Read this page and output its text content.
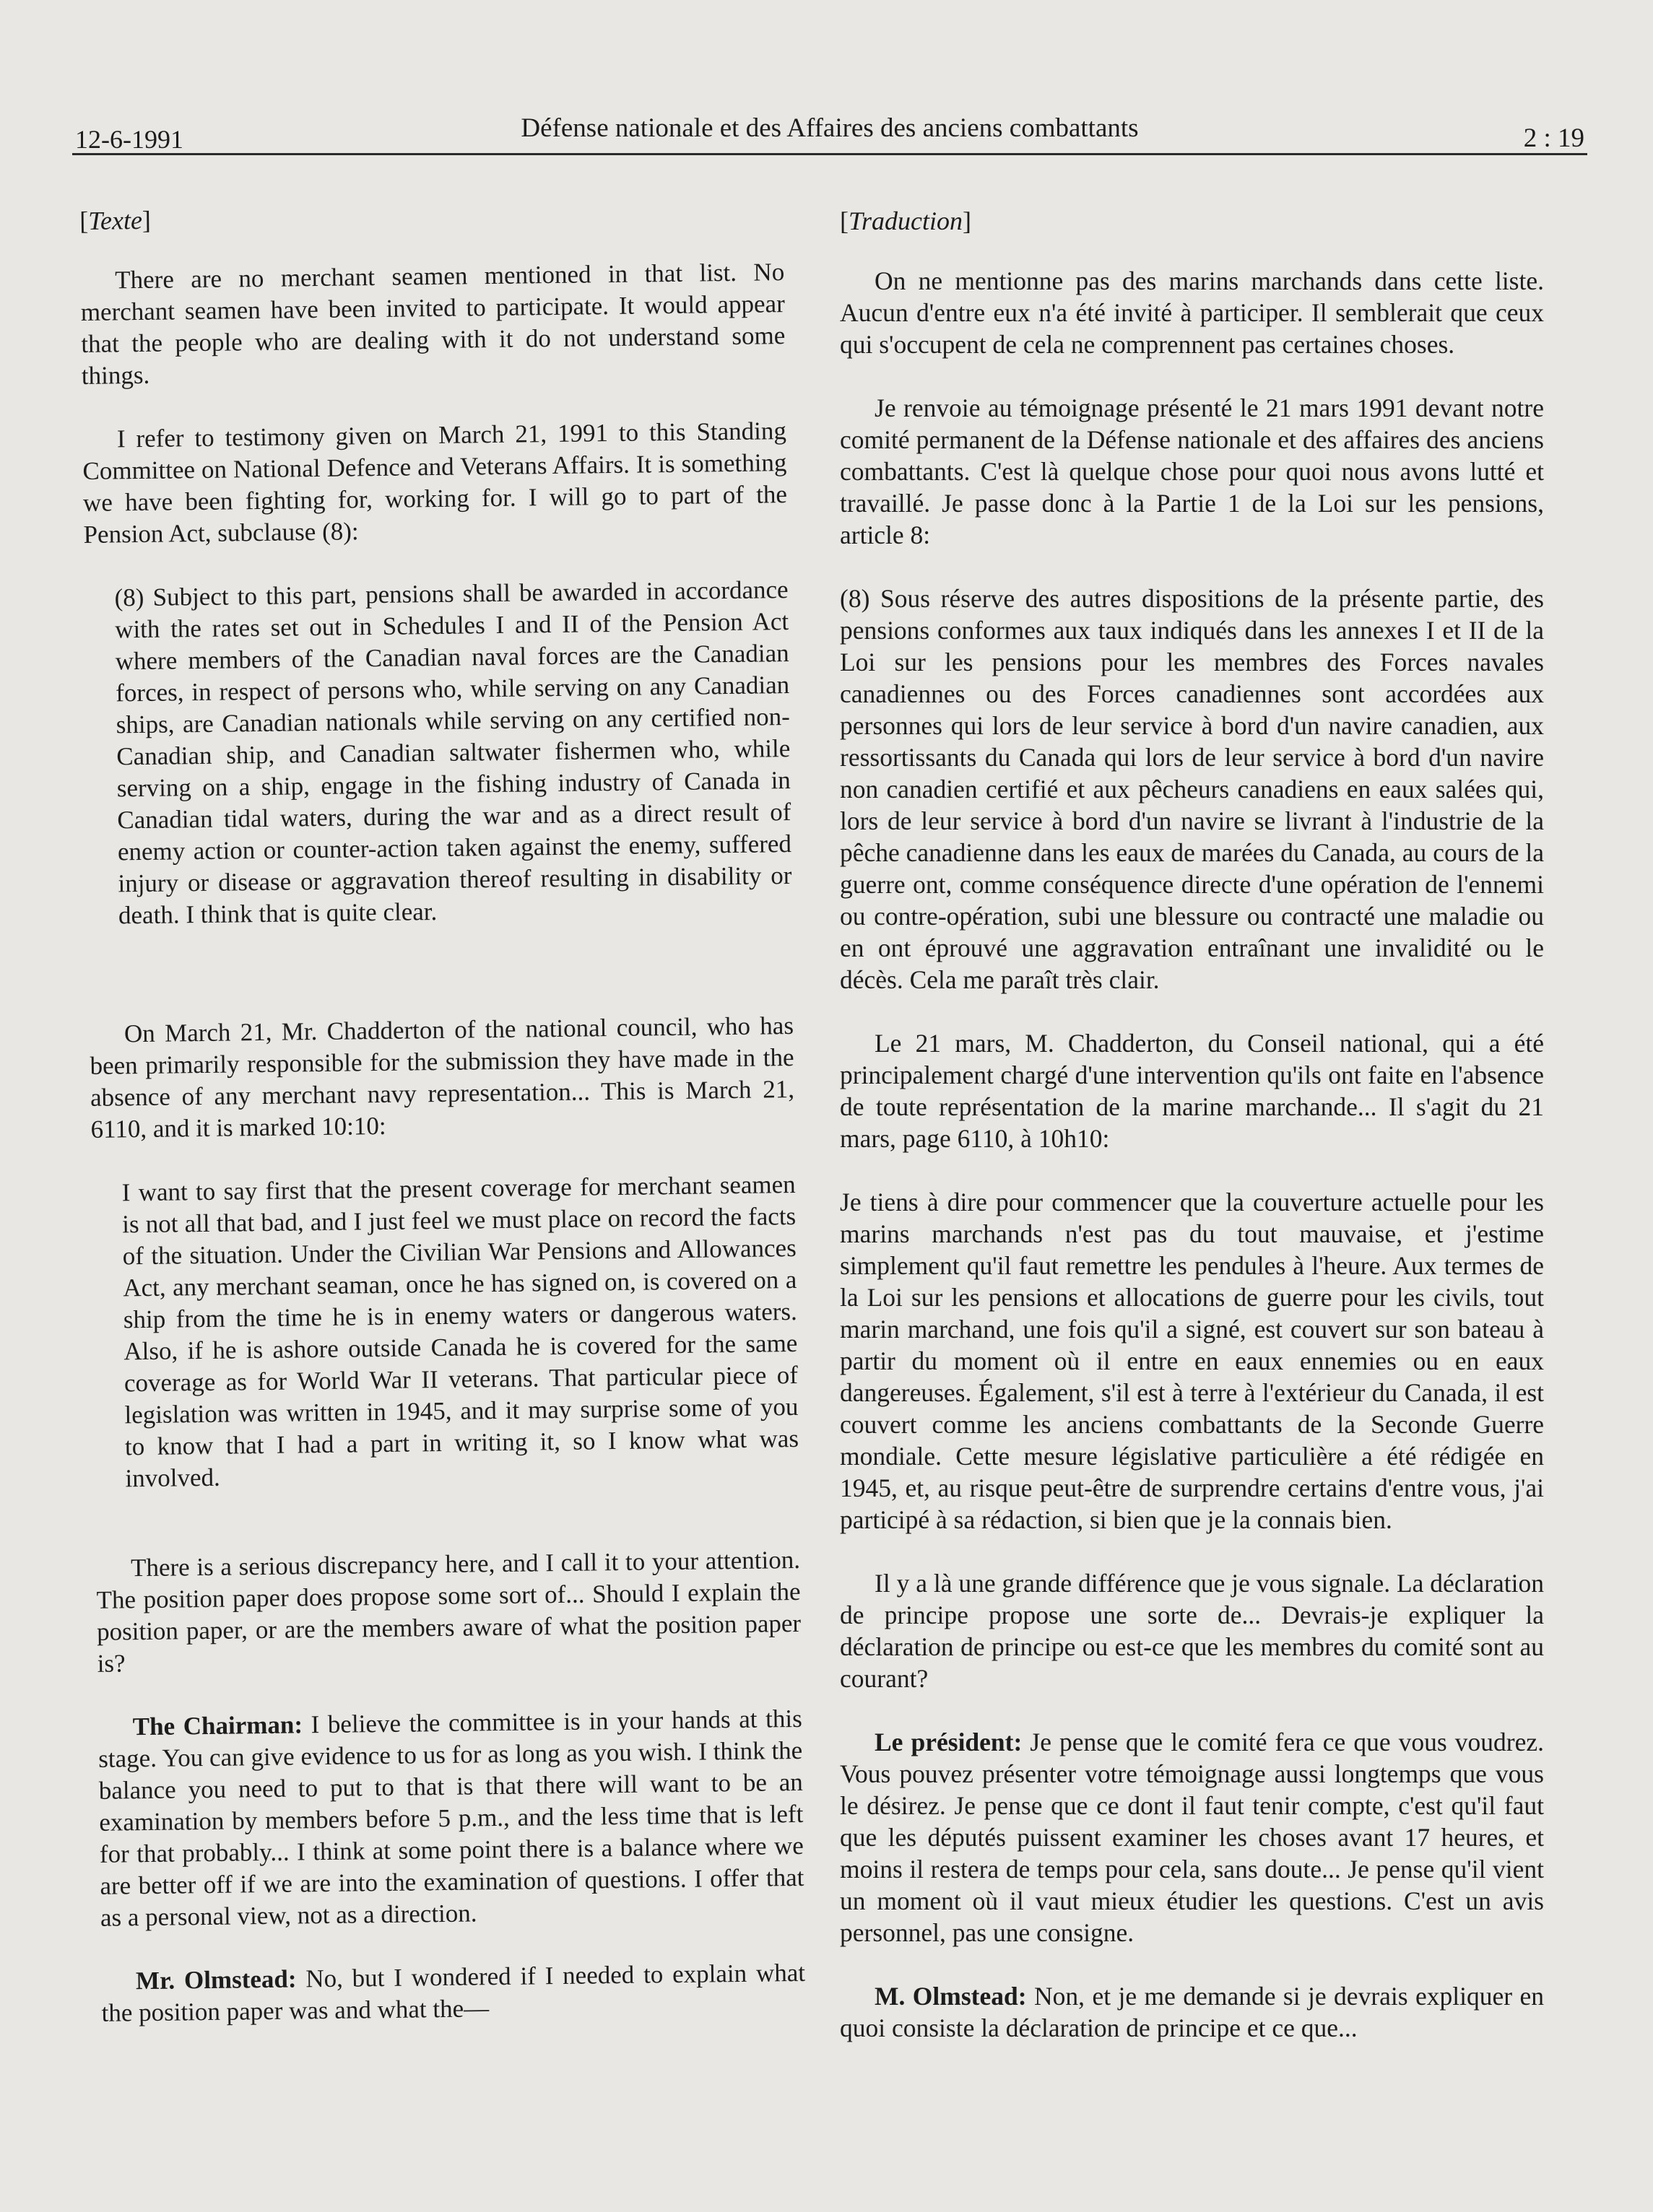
12-6-1991	Défense nationale et des Affaires des anciens combattants	2 : 19
[Texte]

There are no merchant seamen mentioned in that list. No merchant seamen have been invited to participate. It would appear that the people who are dealing with it do not understand some things.

I refer to testimony given on March 21, 1991 to this Standing Committee on National Defence and Veterans Affairs. It is something we have been fighting for, working for. I will go to part of the Pension Act, subclause (8):

(8) Subject to this part, pensions shall be awarded in accordance with the rates set out in Schedules I and II of the Pension Act where members of the Canadian naval forces are the Canadian forces, in respect of persons who, while serving on any Canadian ships, are Canadian nationals while serving on any certified non-Canadian ship, and Canadian saltwater fishermen who, while serving on a ship, engage in the fishing industry of Canada in Canadian tidal waters, during the war and as a direct result of enemy action or counter-action taken against the enemy, suffered injury or disease or aggravation thereof resulting in disability or death. I think that is quite clear.

On March 21, Mr. Chadderton of the national council, who has been primarily responsible for the submission they have made in the absence of any merchant navy representation... This is March 21, 6110, and it is marked 10:10:

I want to say first that the present coverage for merchant seamen is not all that bad, and I just feel we must place on record the facts of the situation. Under the Civilian War Pensions and Allowances Act, any merchant seaman, once he has signed on, is covered on a ship from the time he is in enemy waters or dangerous waters. Also, if he is ashore outside Canada he is covered for the same coverage as for World War II veterans. That particular piece of legislation was written in 1945, and it may surprise some of you to know that I had a part in writing it, so I know what was involved.

There is a serious discrepancy here, and I call it to your attention. The position paper does propose some sort of... Should I explain the position paper, or are the members aware of what the position paper is?

The Chairman: I believe the committee is in your hands at this stage. You can give evidence to us for as long as you wish. I think the balance you need to put to that is that there will want to be an examination by members before 5 p.m., and the less time that is left for that probably... I think at some point there is a balance where we are better off if we are into the examination of questions. I offer that as a personal view, not as a direction.

Mr. Olmstead: No, but I wondered if I needed to explain what the position paper was and what the—

[Traduction]

On ne mentionne pas des marins marchands dans cette liste. Aucun d'entre eux n'a été invité à participer. Il semblerait que ceux qui s'occupent de cela ne comprennent pas certaines choses.

Je renvoie au témoignage présenté le 21 mars 1991 devant notre comité permanent de la Défense nationale et des affaires des anciens combattants. C'est là quelque chose pour quoi nous avons lutté et travaillé. Je passe donc à la Partie 1 de la Loi sur les pensions, article 8:

(8) Sous réserve des autres dispositions de la présente partie, des pensions conformes aux taux indiqués dans les annexes I et II de la Loi sur les pensions pour les membres des Forces navales canadiennes ou des Forces canadiennes sont accordées aux personnes qui lors de leur service à bord d'un navire canadien, aux ressortissants du Canada qui lors de leur service à bord d'un navire non canadien certifié et aux pêcheurs canadiens en eaux salées qui, lors de leur service à bord d'un navire se livrant à l'industrie de la pêche canadienne dans les eaux de marées du Canada, au cours de la guerre ont, comme conséquence directe d'une opération de l'ennemi ou contre-opération, subi une blessure ou contracté une maladie ou en ont éprouvé une aggravation entraînant une invalidité ou le décès. Cela me paraît très clair.

Le 21 mars, M. Chadderton, du Conseil national, qui a été principalement chargé d'une intervention qu'ils ont faite en l'absence de toute représentation de la marine marchande... Il s'agit du 21 mars, page 6110, à 10h10:

Je tiens à dire pour commencer que la couverture actuelle pour les marins marchands n'est pas du tout mauvaise, et j'estime simplement qu'il faut remettre les pendules à l'heure. Aux termes de la Loi sur les pensions et allocations de guerre pour les civils, tout marin marchand, une fois qu'il a signé, est couvert sur son bateau à partir du moment où il entre en eaux ennemies ou en eaux dangereuses. Également, s'il est à terre à l'extérieur du Canada, il est couvert comme les anciens combattants de la Seconde Guerre mondiale. Cette mesure législative particulière a été rédigée en 1945, et, au risque peut-être de surprendre certains d'entre vous, j'ai participé à sa rédaction, si bien que je la connais bien.

Il y a là une grande différence que je vous signale. La déclaration de principe propose une sorte de... Devrais-je expliquer la déclaration de principe ou est-ce que les membres du comité sont au courant?

Le président: Je pense que le comité fera ce que vous voudrez. Vous pouvez présenter votre témoignage aussi longtemps que vous le désirez. Je pense que ce dont il faut tenir compte, c'est qu'il faut que les députés puissent examiner les choses avant 17 heures, et moins il restera de temps pour cela, sans doute... Je pense qu'il vient un moment où il vaut mieux étudier les questions. C'est un avis personnel, pas une consigne.

M. Olmstead: Non, et je me demande si je devrais expliquer en quoi consiste la déclaration de principe et ce que...
